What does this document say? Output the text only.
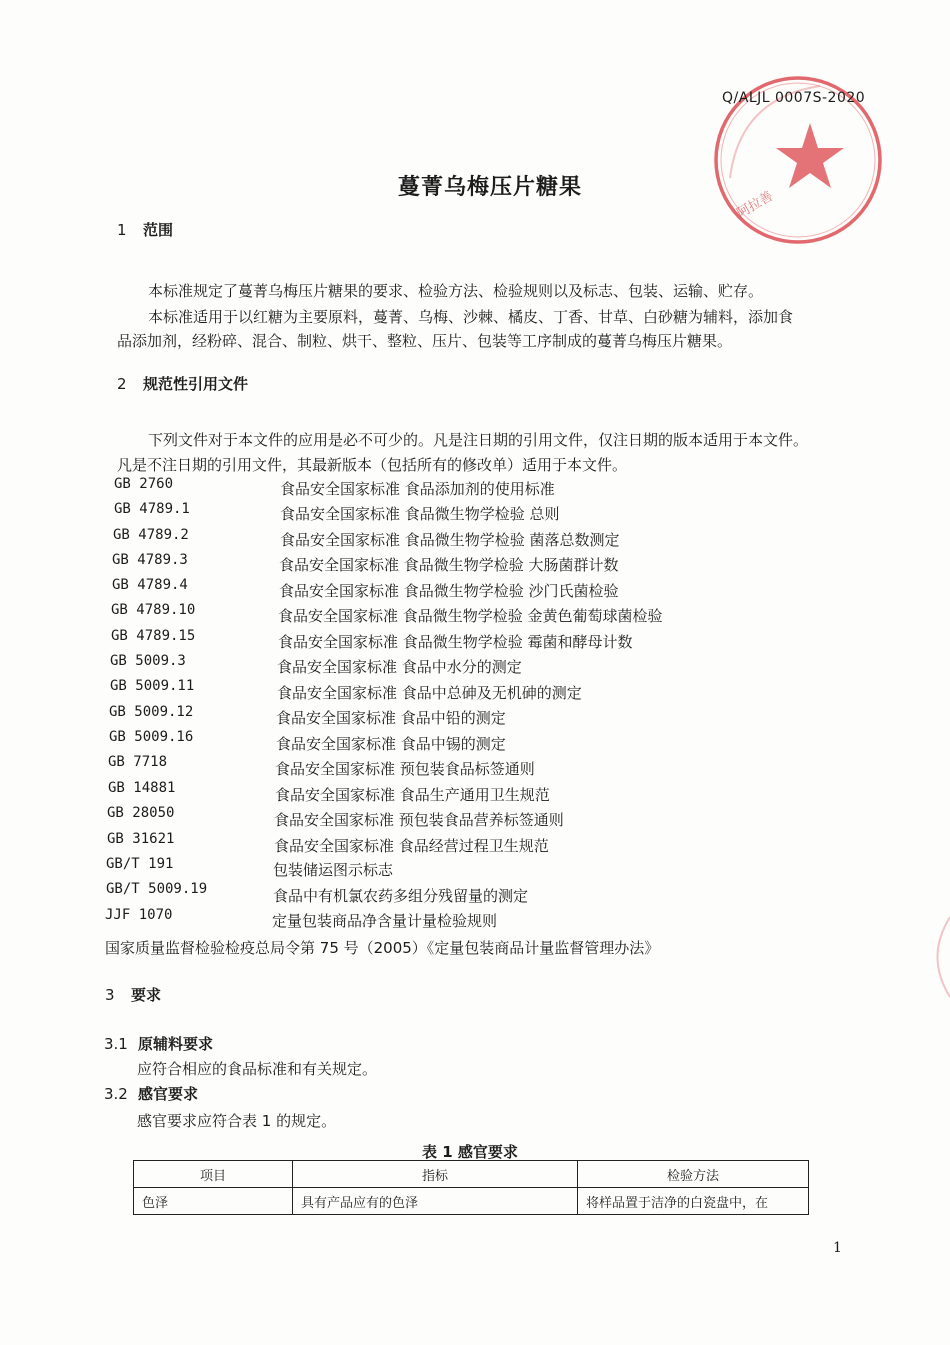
阿拉善
Q/ALJL 0007S-2020
蔓菁乌梅压片糖果
1 范围
本标准规定了蔓菁乌梅压片糖果的要求、检验方法、检验规则以及标志、包装、运输、贮存。
本标准适用于以红糖为主要原料，蔓菁、乌梅、沙棘、橘皮、丁香、甘草、白砂糖为辅料，添加食
品添加剂，经粉碎、混合、制粒、烘干、整粒、压片、包装等工序制成的蔓菁乌梅压片糖果。
2 规范性引用文件
下列文件对于本文件的应用是必不可少的。凡是注日期的引用文件，仅注日期的版本适用于本文件。
凡是不注日期的引用文件，其最新版本（包括所有的修改单）适用于本文件。
GB 2760	食品安全国家标准 食品添加剂的使用标准
GB 4789.1	食品安全国家标准 食品微生物学检验 总则
GB 4789.2	食品安全国家标准 食品微生物学检验 菌落总数测定
GB 4789.3	食品安全国家标准 食品微生物学检验 大肠菌群计数
GB 4789.4	食品安全国家标准 食品微生物学检验 沙门氏菌检验
GB 4789.10	食品安全国家标准 食品微生物学检验 金黄色葡萄球菌检验
GB 4789.15	食品安全国家标准 食品微生物学检验 霉菌和酵母计数
GB 5009.3	食品安全国家标准 食品中水分的测定
GB 5009.11	食品安全国家标准 食品中总砷及无机砷的测定
GB 5009.12	食品安全国家标准 食品中铅的测定
GB 5009.16	食品安全国家标准 食品中锡的测定
GB 7718	食品安全国家标准 预包装食品标签通则
GB 14881	食品安全国家标准 食品生产通用卫生规范
GB 28050	食品安全国家标准 预包装食品营养标签通则
GB 31621	食品安全国家标准 食品经营过程卫生规范
GB/T 191	包装储运图示标志
GB/T 5009.19	食品中有机氯农药多组分残留量的测定
JJF 1070	定量包装商品净含量计量检验规则
国家质量监督检验检疫总局令第 75 号（2005）《定量包装商品计量监督管理办法》
3 要求
3.1 原辅料要求
应符合相应的食品标准和有关规定。
3.2 感官要求
感官要求应符合表 1 的规定。
表 1 感官要求
项目	指标	检验方法
色泽	具有产品应有的色泽	将样品置于洁净的白瓷盘中，在
1
